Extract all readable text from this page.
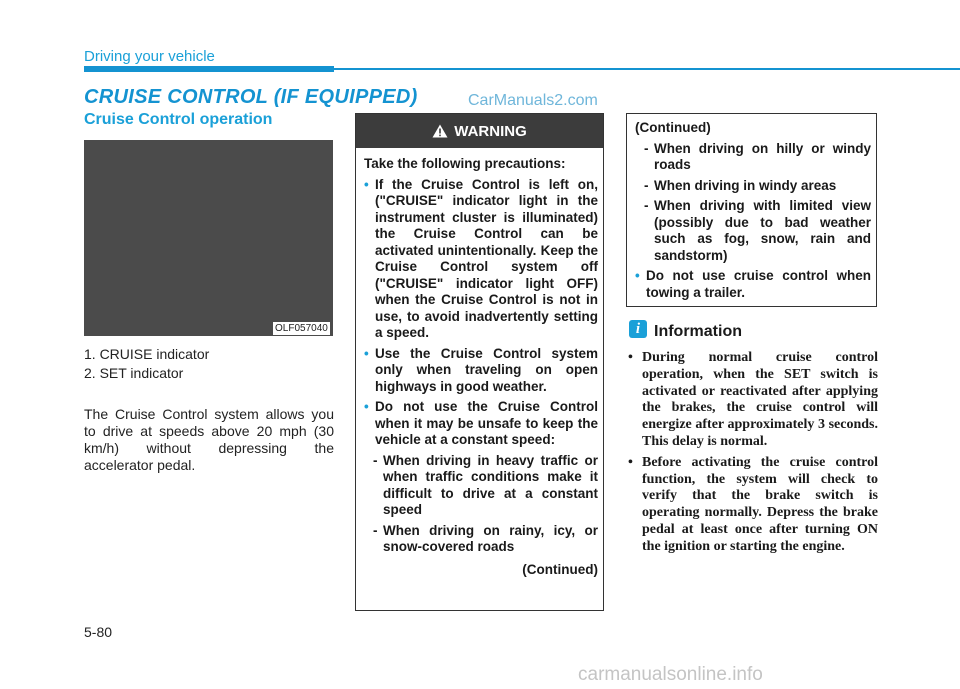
Driving your vehicle
CRUISE CONTROL (IF EQUIPPED)	CarManuals2.com
Cruise Control operation
OLF057040
1. CRUISE indicator
2. SET indicator
The Cruise Control system allows you to drive at speeds above 20 mph (30 km/h) without depressing the accelerator pedal.
WARNING
Take the following precautions:
• If the Cruise Control is left on, ("CRUISE" indicator light in the instrument cluster is illuminated) the Cruise Control can be activated unintentionally. Keep the Cruise Control system off ("CRUISE" indicator light OFF) when the Cruise Control is not in use, to avoid inadvertently setting a speed.
• Use the Cruise Control system only when traveling on open highways in good weather.
• Do not use the Cruise Control when it may be unsafe to keep the vehicle at a constant speed:
- When driving in heavy traffic or when traffic conditions make it difficult to drive at a constant speed
- When driving on rainy, icy, or snow-covered roads
(Continued)
(Continued)
- When driving on hilly or windy roads
- When driving in windy areas
- When driving with limited view (possibly due to bad weather such as fog, snow, rain and sandstorm)
• Do not use cruise control when towing a trailer.
i Information
• During normal cruise control operation, when the SET switch is activated or reactivated after applying the brakes, the cruise control will energize after approximately 3 seconds. This delay is normal.
• Before activating the cruise control function, the system will check to verify that the brake switch is operating normally. Depress the brake pedal at least once after turning ON the ignition or starting the engine.
5-80
carmanualsonline.info
